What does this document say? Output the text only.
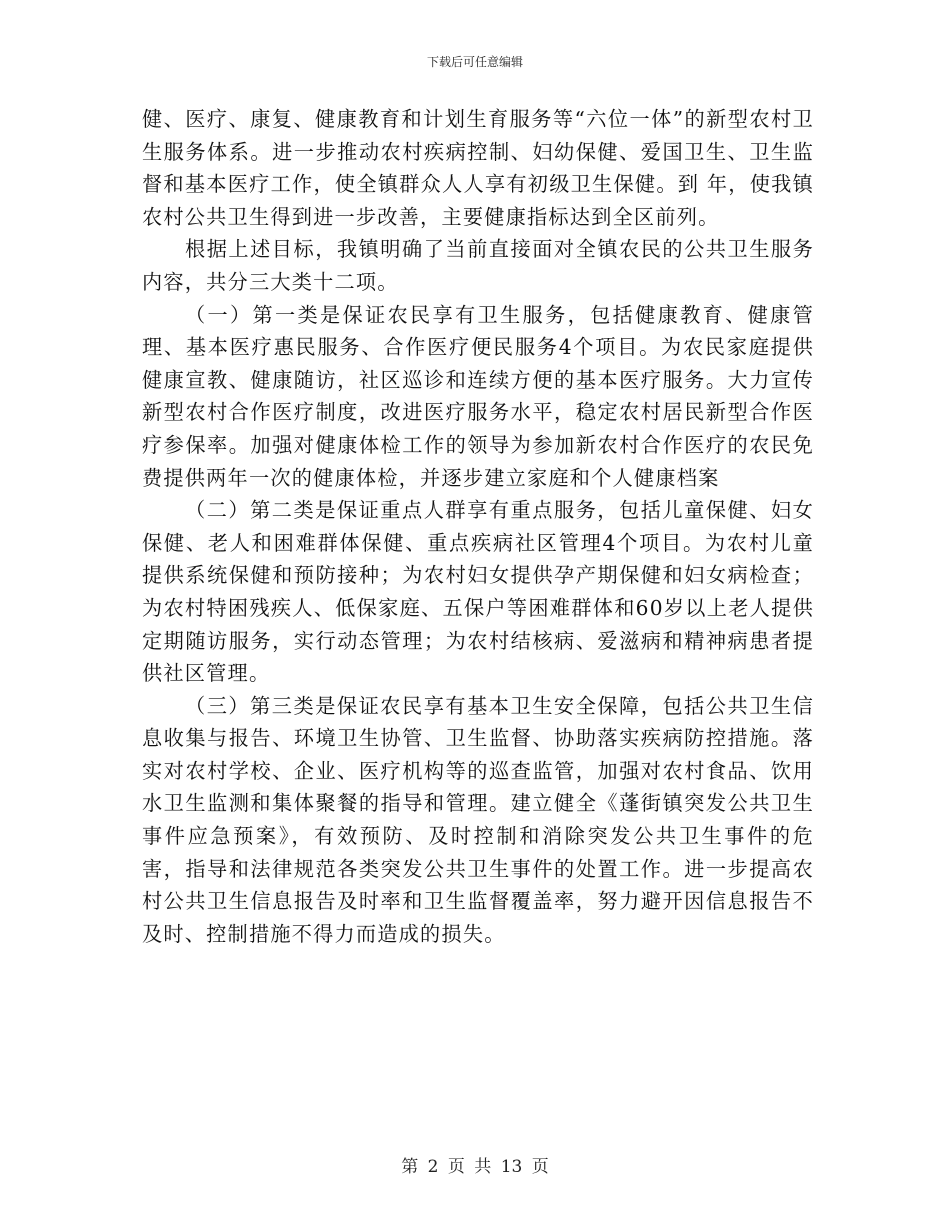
下载后可任意编辑

健、医疗、康复、健康教育和计划生育服务等“六位一体”的新型农村卫生服务体系。进一步推动农村疾病控制、妇幼保健、爱国卫生、卫生监督和基本医疗工作，使全镇群众人人享有初级卫生保健。到 年，使我镇农村公共卫生得到进一步改善，主要健康指标达到全区前列。

根据上述目标，我镇明确了当前直接面对全镇农民的公共卫生服务内容，共分三大类十二项。

（一）第一类是保证农民享有卫生服务，包括健康教育、健康管理、基本医疗惠民服务、合作医疗便民服务4个项目。为农民家庭提供健康宣教、健康随访，社区巡诊和连续方便的基本医疗服务。大力宣传新型农村合作医疗制度，改进医疗服务水平，稳定农村居民新型合作医疗参保率。加强对健康体检工作的领导为参加新农村合作医疗的农民免费提供两年一次的健康体检，并逐步建立家庭和个人健康档案

（二）第二类是保证重点人群享有重点服务，包括儿童保健、妇女保健、老人和困难群体保健、重点疾病社区管理4个项目。为农村儿童提供系统保健和预防接种；为农村妇女提供孕产期保健和妇女病检查；为农村特困残疾人、低保家庭、五保户等困难群体和60岁以上老人提供定期随访服务，实行动态管理；为农村结核病、爱滋病和精神病患者提供社区管理。

（三）第三类是保证农民享有基本卫生安全保障，包括公共卫生信息收集与报告、环境卫生协管、卫生监督、协助落实疾病防控措施。落实对农村学校、企业、医疗机构等的巡查监管，加强对农村食品、饮用水卫生监测和集体聚餐的指导和管理。建立健全《蓬街镇突发公共卫生事件应急预案》，有效预防、及时控制和消除突发公共卫生事件的危害，指导和法律规范各类突发公共卫生事件的处置工作。进一步提高农村公共卫生信息报告及时率和卫生监督覆盖率，努力避开因信息报告不及时、控制措施不得力而造成的损失。

第 2 页 共 13 页
